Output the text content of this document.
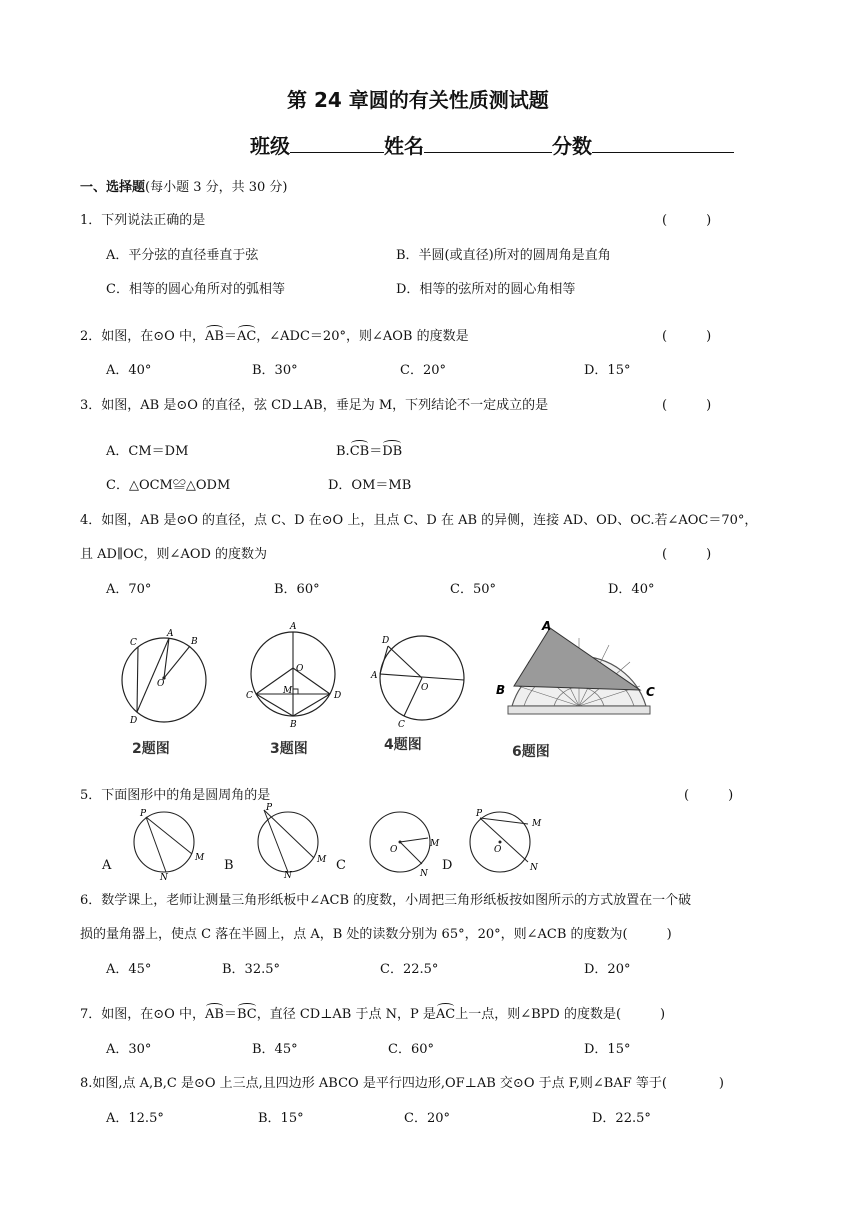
第 24 章圆的有关性质测试题
班级	姓名	分数
一、选择题(每小题 3 分，共 30 分)
1．下列说法正确的是	(　　　)
A．平分弦的直径垂直于弦	B．半圆(或直径)所对的圆周角是直角
C．相等的圆心角所对的弧相等	D．相等的弦所对的圆心角相等
2．如图，在⊙O 中，AB＝AC，∠ADC＝20°，则∠AOB 的度数是	(　　　)
A．40°	B．30°	C．20°	D．15°
3．如图，AB 是⊙O 的直径，弦 CD⊥AB，垂足为 M，下列结论不一定成立的是	(　　　)
A．CM＝DM	B.CB＝DB
C．△OCM≌△ODM	D．OM＝MB
4．如图，AB 是⊙O 的直径，点 C、D 在⊙O 上，且点 C、D 在 AB 的异侧，连接 AD、OD、OC.若∠AOC＝70°，
且 AD∥OC，则∠AOD 的度数为	(　　　)
A．70°	B．60°	C．50°	D．40°
C
A
B
D
O
2题图
A
O
M
C	D
B
3题图
D
A
O
C
4题图
A
B	C
6题图
5．下面图形中的角是圆周角的是	(　　　)
A
P
M
N
B
P
M
N
C
O
M
N
D
P
O
M
N
6．数学课上，老师让测量三角形纸板中∠ACB 的度数，小周把三角形纸板按如图所示的方式放置在一个破
损的量角器上，使点 C 落在半圆上，点 A，B 处的读数分别为 65°，20°，则∠ACB 的度数为(　　　)
A．45°	B．32.5°	C．22.5°	D．20°
7．如图，在⊙O 中，AB＝BC，直径 CD⊥AB 于点 N，P 是AC上一点，则∠BPD 的度数是(　　　)
A．30°	B．45°	C．60°	D．15°
8.如图,点 A,B,C 是⊙O 上三点,且四边形 ABCO 是平行四边形,OF⊥AB 交⊙O 于点 F,则∠BAF 等于(　　　　)
A．12.5°	B．15°	C．20°	D．22.5°
